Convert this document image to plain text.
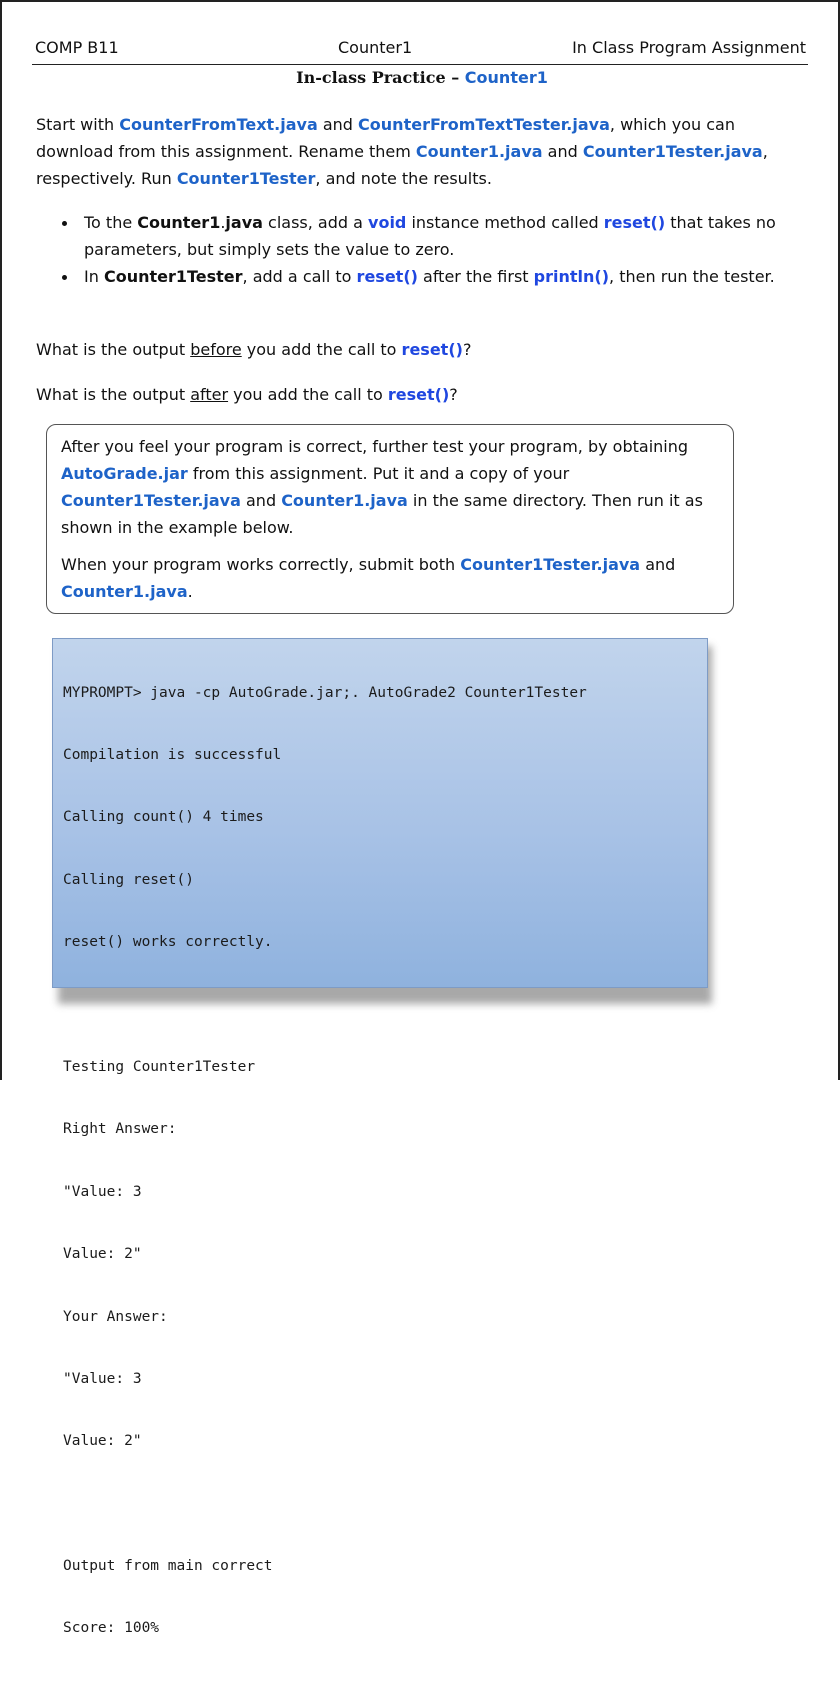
COMP B11	Counter1	In Class Program Assignment
In-class Practice – Counter1
Start with CounterFromText.java and CounterFromTextTester.java, which you can download from this assignment. Rename them Counter1.java and Counter1Tester.java, respectively. Run Counter1Tester, and note the results.
To the Counter1.java class, add a void instance method called reset() that takes no parameters, but simply sets the value to zero.
In Counter1Tester, add a call to reset() after the first println(), then run the tester.
What is the output before you add the call to reset()?
What is the output after you add the call to reset()?

After you feel your program is correct, further test your program, by obtaining AutoGrade.jar from this assignment. Put it and a copy of your Counter1Tester.java and Counter1.java in the same directory. Then run it as shown in the example below.

When your program works correctly, submit both Counter1Tester.java and Counter1.java.

MYPROMPT> java -cp AutoGrade.jar;. AutoGrade2 Counter1Tester

Compilation is successful

Calling count() 4 times

Calling reset()

reset() works correctly.

Testing Counter1Tester

Right Answer:

"Value: 3

Value: 2"

Your Answer:

"Value: 3

Value: 2"

Output from main correct

Score: 100%
